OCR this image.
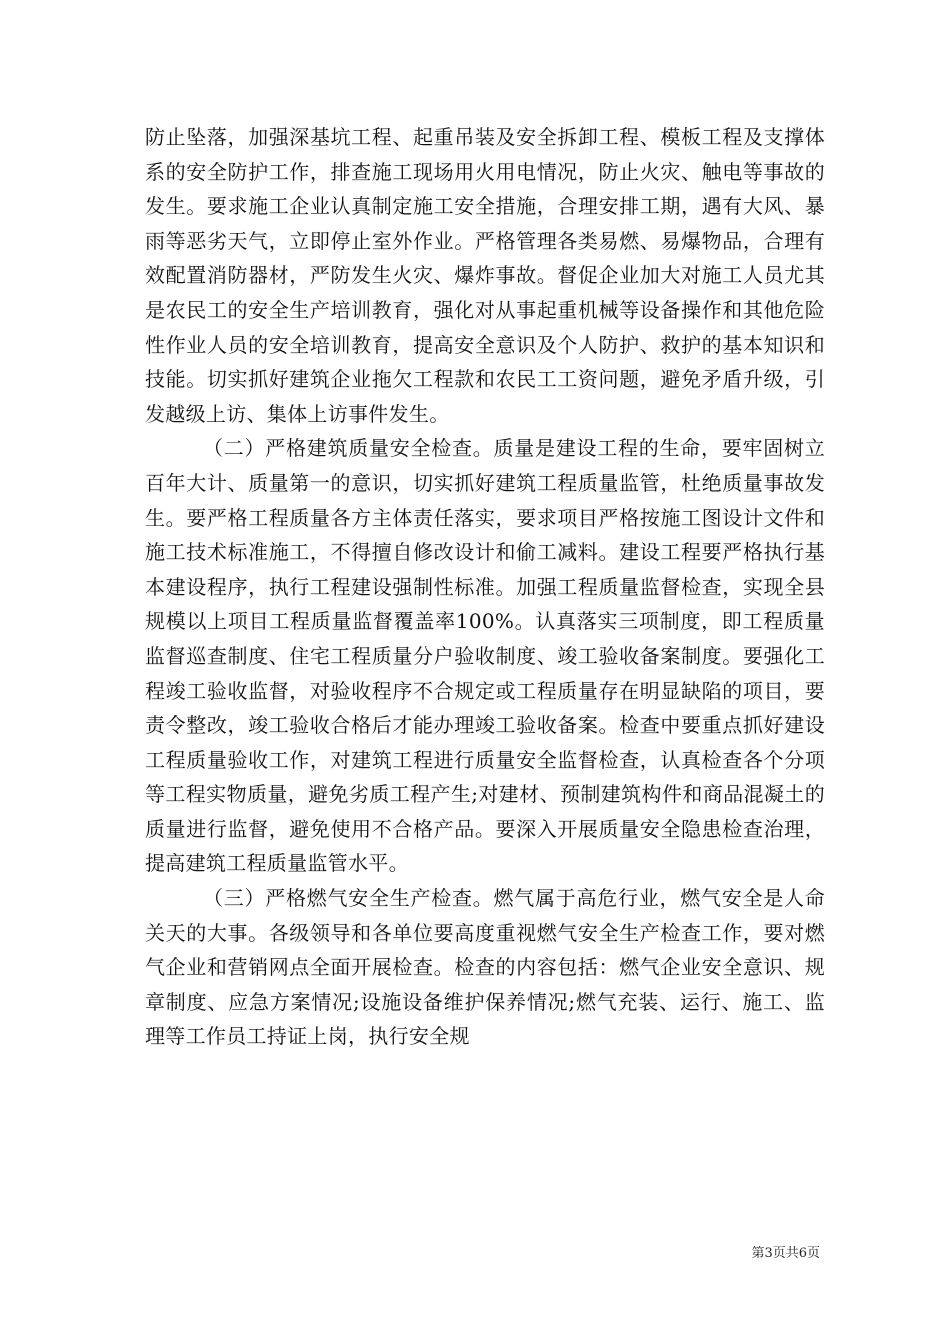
防止坠落，加强深基坑工程、起重吊装及安全拆卸工程、模板工程及支撑体系的安全防护工作，排查施工现场用火用电情况，防止火灾、触电等事故的发生。要求施工企业认真制定施工安全措施，合理安排工期，遇有大风、暴雨等恶劣天气，立即停止室外作业。严格管理各类易燃、易爆物品，合理有效配置消防器材，严防发生火灾、爆炸事故。督促企业加大对施工人员尤其是农民工的安全生产培训教育，强化对从事起重机械等设备操作和其他危险性作业人员的安全培训教育，提高安全意识及个人防护、救护的基本知识和技能。切实抓好建筑企业拖欠工程款和农民工工资问题，避免矛盾升级，引发越级上访、集体上访事件发生。

（二）严格建筑质量安全检查。质量是建设工程的生命，要牢固树立百年大计、质量第一的意识，切实抓好建筑工程质量监管，杜绝质量事故发生。要严格工程质量各方主体责任落实，要求项目严格按施工图设计文件和施工技术标准施工，不得擅自修改设计和偷工减料。建设工程要严格执行基本建设程序，执行工程建设强制性标准。加强工程质量监督检查，实现全县规模以上项目工程质量监督覆盖率100%。认真落实三项制度，即工程质量监督巡查制度、住宅工程质量分户验收制度、竣工验收备案制度。要强化工程竣工验收监督，对验收程序不合规定或工程质量存在明显缺陷的项目，要责令整改，竣工验收合格后才能办理竣工验收备案。检查中要重点抓好建设工程质量验收工作，对建筑工程进行质量安全监督检查，认真检查各个分项等工程实物质量，避免劣质工程产生;对建材、预制建筑构件和商品混凝土的质量进行监督，避免使用不合格产品。要深入开展质量安全隐患检查治理，提高建筑工程质量监管水平。

（三）严格燃气安全生产检查。燃气属于高危行业，燃气安全是人命关天的大事。各级领导和各单位要高度重视燃气安全生产检查工作，要对燃气企业和营销网点全面开展检查。检查的内容包括：燃气企业安全意识、规章制度、应急方案情况;设施设备维护保养情况;燃气充装、运行、施工、监理等工作员工持证上岗，执行安全规

第3页共6页
